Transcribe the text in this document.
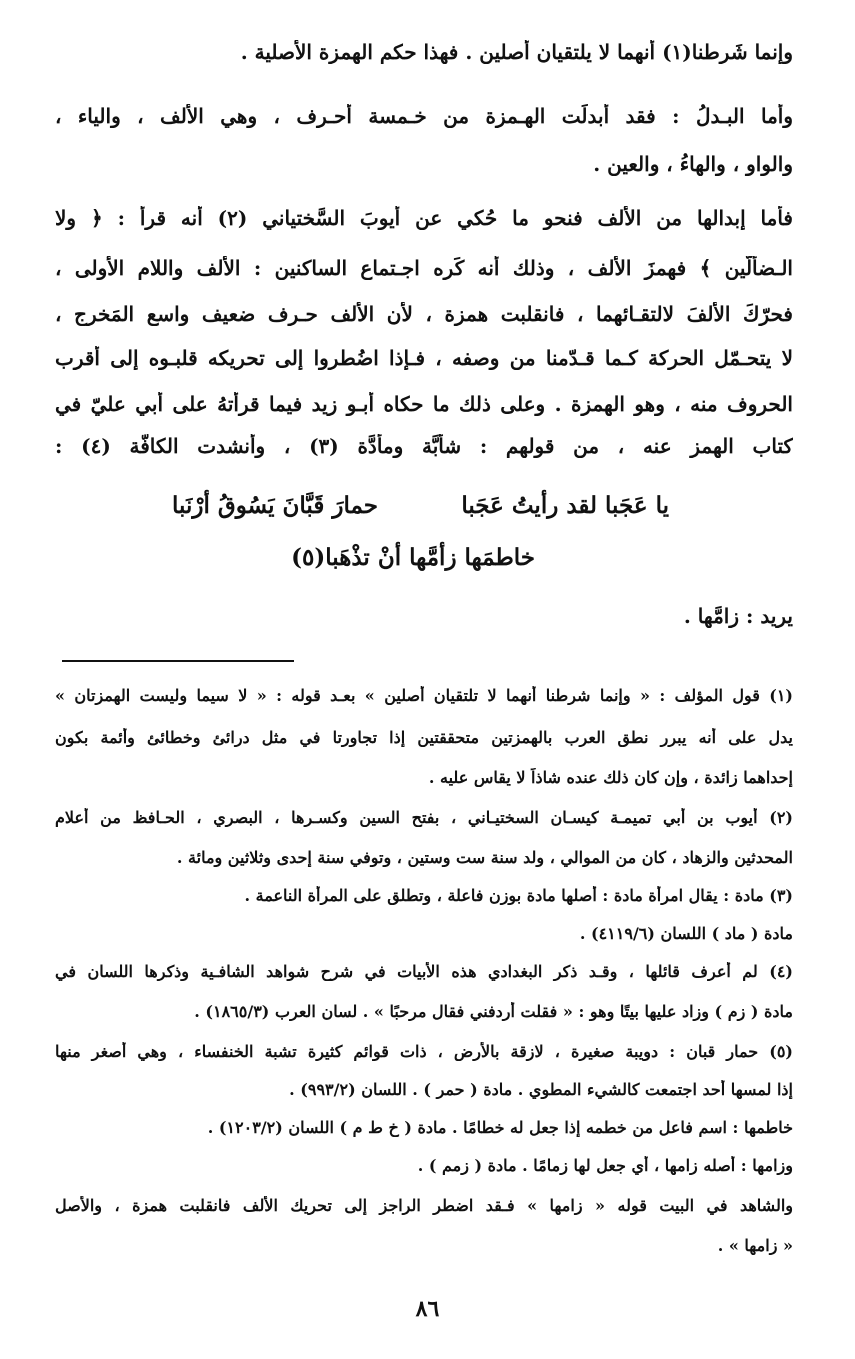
وإنما شَرطنا(١) أنهما لا يلتقيان أصلين . فهذا حكم الهمزة الأصلية .
وأما البـدلُ : فقد أُبدلَت الهـمزة من خـمسة أحـرف ، وهي الألف ، والياء ،
والواو ، والهاءُ ، والعين .
فأما إبدالها من الألف فنحو ما حُكي عن أيوبَ السَّختياني (٢) أنه قرأ : ﴿ ولا
الـضأَلّين ﴾ فهمزَ الألف ، وذلك أنه كَرِه اجـتماع الساكنين : الألف واللام الأولى ،
فحرّكَ الألفَ لالتقـائهما ، فانقلبت همزة ، لأن الألف حـرف ضعيف واسع المَخرج ،
لا يتحـمّل الحركة كـما قـدّمنا من وصفه ، فـإذا اضُطروا إلى تحريكه قلبـوه إلى أقرب
الحروف منه ، وهو الهمزة . وعلى ذلك ما حكاه أبـو زيد فيما قرأتهُ على أبي عليّ في
كتاب الهمز عنه ، من قولهم : شأبَّة ومأدَّة (٣) ، وأنشدت الكافّة (٤) :
يا عَجَبا لقد رأيتُ عَجَبا
حمارَ قَبَّانَ يَسُوقُ أرْنَبا
خاطمَها زأمَّها أنْ تذْهَبا(٥)
يريد : زامَّها .
(١) قول المؤلف : « وإنما شرطنا أنهما لا تلتقيان أصلين » بعـد قوله : « لا سيما وليست الهمزتان »
يدل على أنه يبرر نطق العرب بالهمزتين متحققتين إذا تجاورتا في مثل درائئ وخطائئ وأئمة بكون
إحداهما زائدة ، وإن كان ذلك عنده شاذاً لا يقاس عليه .
(٢) أيوب بن أبي تميمـة كيسـان السختيـاني ، بفتح السين وكسـرها ، البصري ، الحـافظ من أعلام
المحدثين والزهاد ، كان من الموالي ، ولد سنة ست وستين ، وتوفي سنة إحدى وثلاثين ومائة .
(٣) مادة : يقال امرأة مادة : أصلها مادة بوزن فاعلة ، وتطلق على المرأة الناعمة .
مادة ( ماد ) اللسان (٤١١٩/٦) .
(٤) لم أعرف قائلها ، وقـد ذكر البغدادي هذه الأبيات في شرح شواهد الشافـية وذكرها اللسان في
مادة ( زم ) وزاد عليها بيتًا وهو : « فقلت أردفني فقال مرحبًا » . لسان العرب (١٨٦٥/٣) .
(٥) حمار قبان : دويبة صغيرة ، لازقة بالأرض ، ذات قوائم كثيرة تشبة الخنفساء ، وهي أصغر منها
إذا لمسها أحد اجتمعت كالشيء المطوي . مادة ( حمر ) . اللسان (٩٩٣/٢) .
خاطمها : اسم فاعل من خطمه إذا جعل له خطامًا . مادة ( خ ط م ) اللسان (١٢٠٣/٢) .
وزامها : أصله زامها ، أي جعل لها زمامًا . مادة ( زمم ) .
والشاهد في البيت قوله « زامها » فـقد اضطر الراجز إلى تحريك الألف فانقلبت همزة ، والأصل
« زامها » .
٨٦
